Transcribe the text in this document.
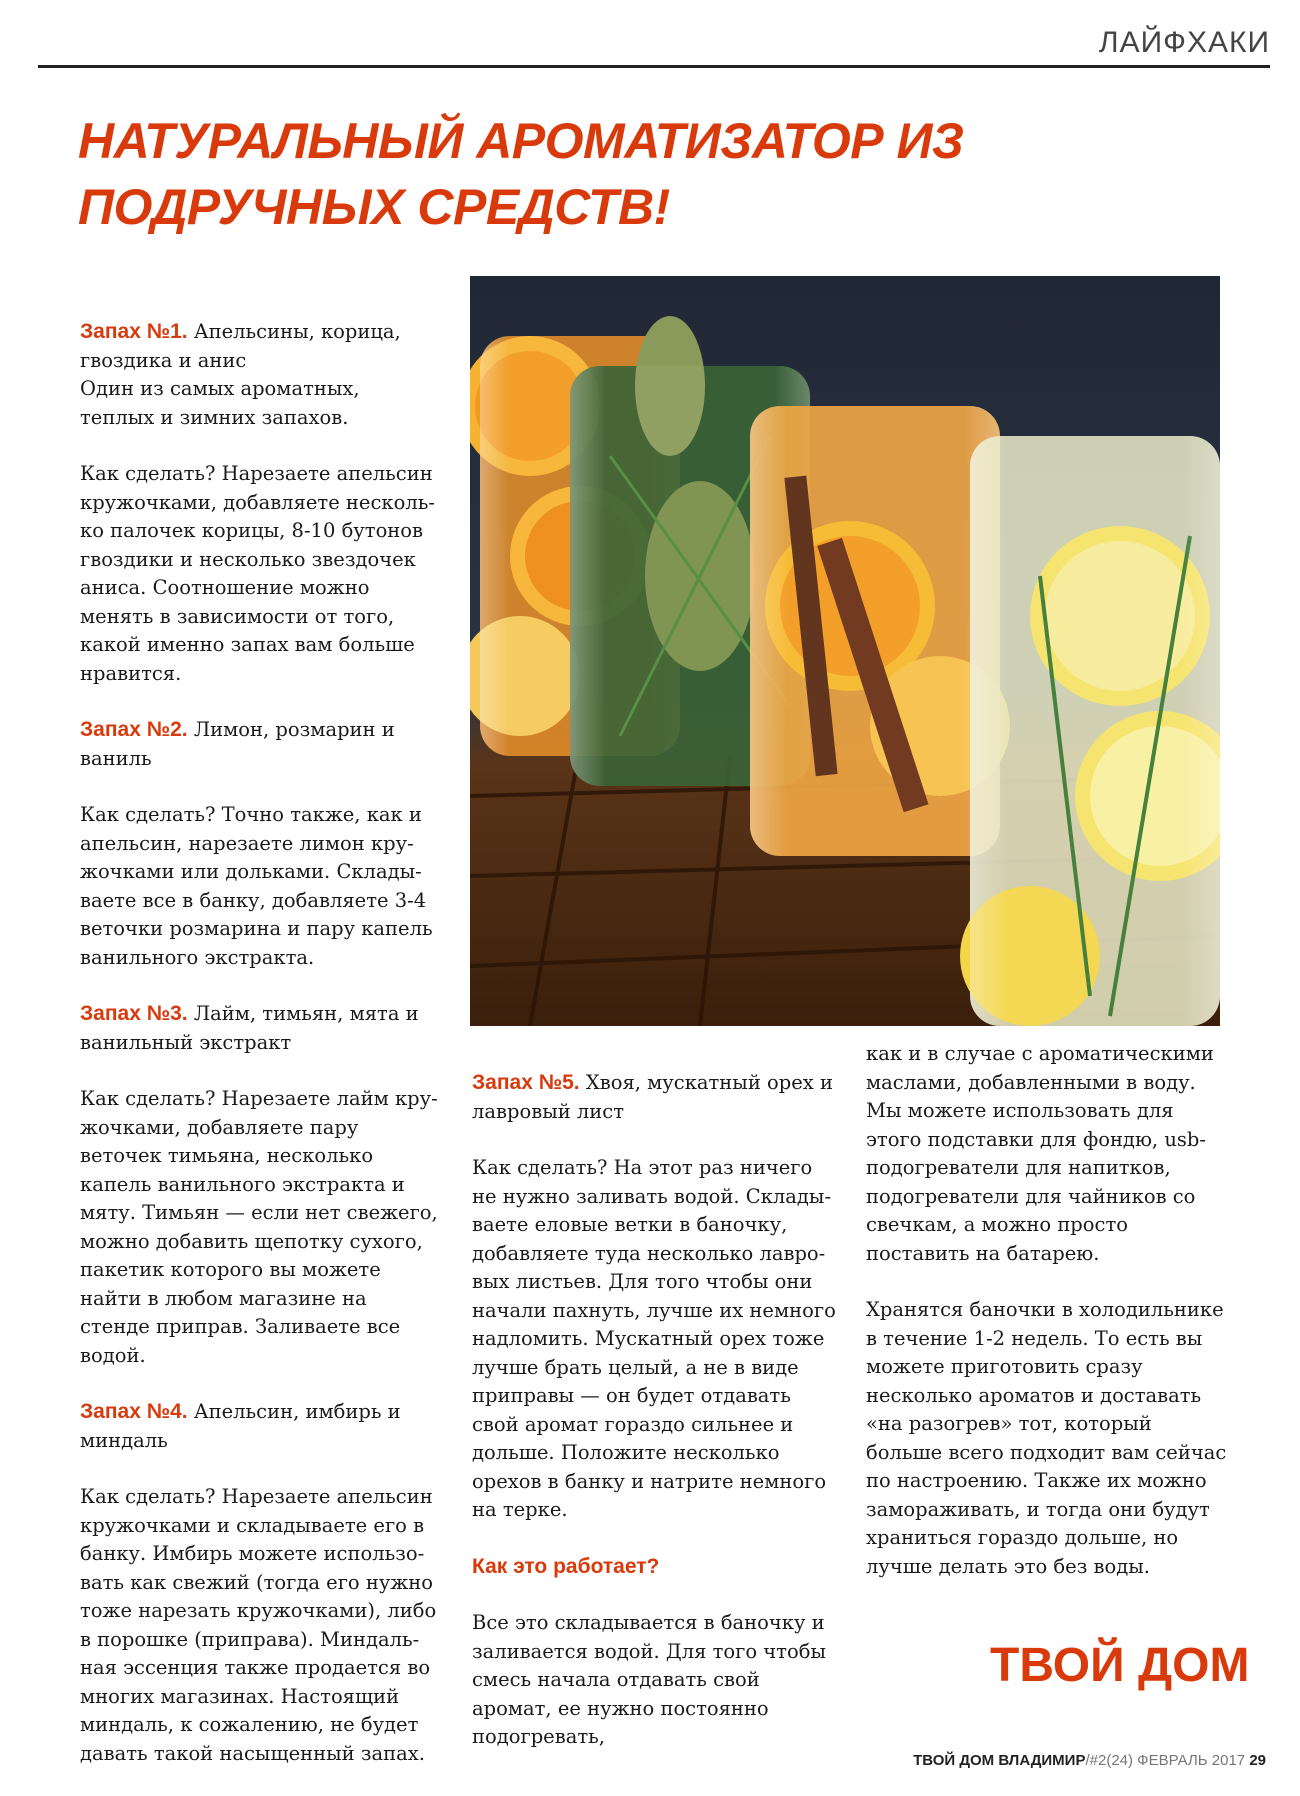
ЛАЙФХАКИ
НАТУРАЛЬНЫЙ АРОМАТИЗАТОР ИЗ
ПОДРУЧНЫХ СРЕДСТВ!

Запах №1. Апельсины, корица, гвоздика и анис
Один из самых ароматных, теплых и зимних запахов.

Как сделать? Нарезаете апельсин кружочками, добавляете несколько палочек корицы, 8-10 бутонов гвоздики и несколько звездочек аниса. Соотношение можно менять в зависимости от того, какой именно запах вам больше нравится.

Запах №2. Лимон, розмарин и ваниль

Как сделать? Точно также, как и апельсин, нарезаете лимон кружочками или дольками. Складываете все в банку, добавляете 3-4 веточки розмарина и пару капель ванильного экстракта.

Запах №3. Лайм, тимьян, мята и ванильный экстракт

Как сделать? Нарезаете лайм кружочками, добавляете пару веточек тимьяна, несколько капель ванильного экстракта и мяту. Тимьян — если нет свежего, можно добавить щепотку сухого, пакетик которого вы можете найти в любом магазине на стенде приправ. Заливаете все водой.

Запах №4. Апельсин, имбирь и миндаль

Как сделать? Нарезаете апельсин кружочками и складываете его в банку. Имбирь можете использовать как свежий (тогда его нужно тоже нарезать кружочками), либо в порошке (приправа). Миндальная эссенция также продается во многих магазинах. Настоящий миндаль, к сожалению, не будет давать такой насыщенный запах.

Запах №5. Хвоя, мускатный орех и лавровый лист

Как сделать? На этот раз ничего не нужно заливать водой. Складываете еловые ветки в баночку, добавляете туда несколько лавровых листьев. Для того чтобы они начали пахнуть, лучше их немного надломить. Мускатный орех тоже лучше брать целый, а не в виде приправы — он будет отдавать свой аромат гораздо сильнее и дольше. Положите несколько орехов в банку и натрите немного на терке.

Как это работает?

Все это складывается в баночку и заливается водой. Для того чтобы смесь начала отдавать свой аромат, ее нужно постоянно подогревать,

как и в случае с ароматическими маслами, добавленными в воду. Мы можете использовать для этого подставки для фондю, usb-подогреватели для напитков, подогреватели для чайников со свечкам, а можно просто поставить на батарею.

Хранятся баночки в холодильнике в течение 1-2 недель. То есть вы можете приготовить сразу несколько ароматов и доставать «на разогрев» тот, который больше всего подходит вам сейчас по настроению. Также их можно замораживать, и тогда они будут храниться гораздо дольше, но лучше делать это без воды.

ТВОЙ ДОМ
ТВОЙ ДОМ ВЛАДИМИР/#2(24) ФЕВРАЛЬ 2017 29
